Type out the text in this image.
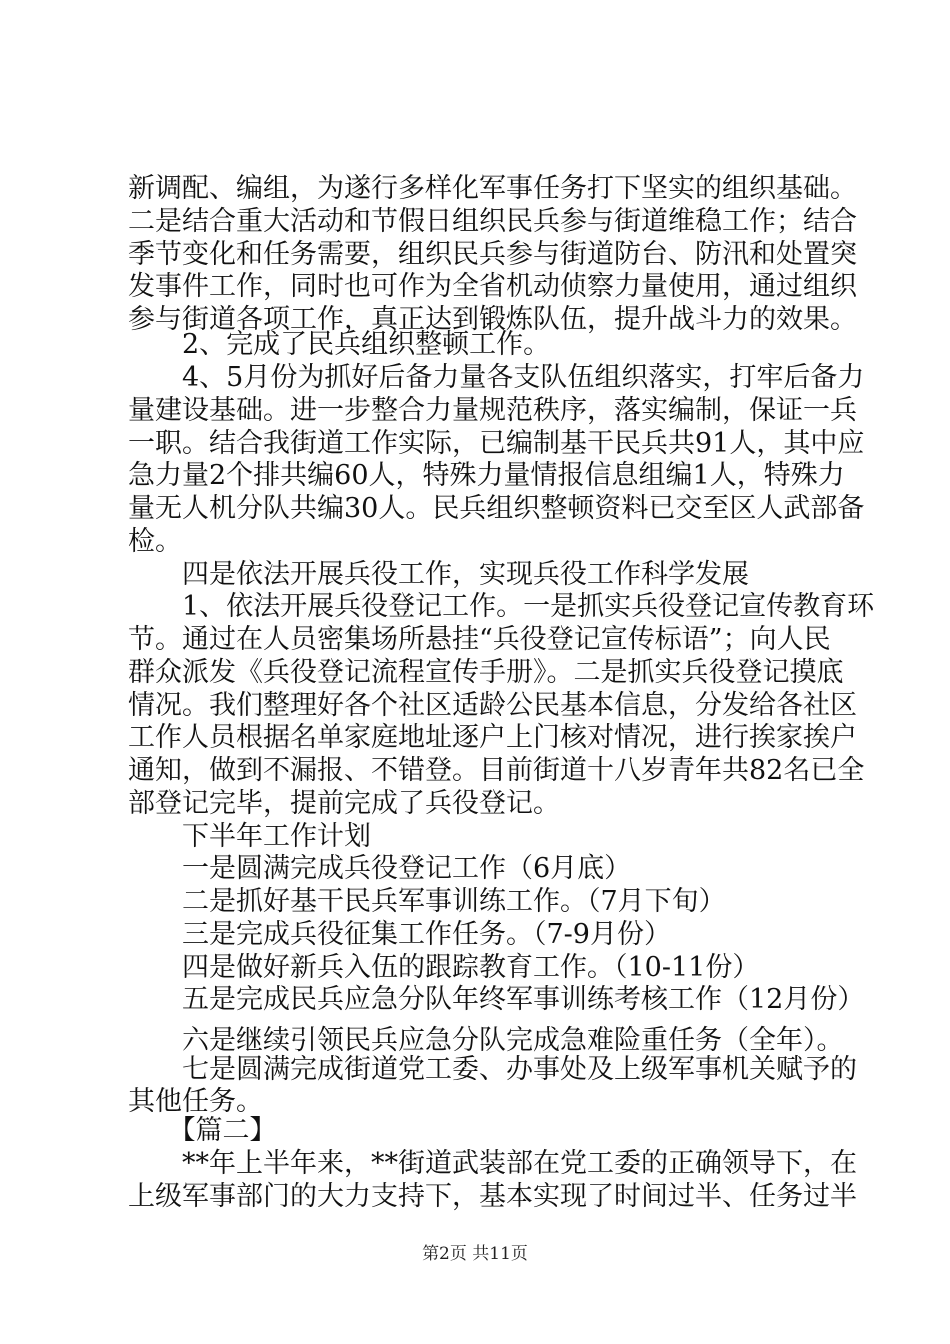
新调配、编组，为遂行多样化军事任务打下坚实的组织基础。
二是结合重大活动和节假日组织民兵参与街道维稳工作；结合
季节变化和任务需要，组织民兵参与街道防台、防汛和处置突
发事件工作，同时也可作为全省机动侦察力量使用，通过组织
参与街道各项工作，真正达到锻炼队伍，提升战斗力的效果。
　　2、完成了民兵组织整顿工作。
　　4、5月份为抓好后备力量各支队伍组织落实，打牢后备力
量建设基础。进一步整合力量规范秩序，落实编制，保证一兵
一职。结合我街道工作实际，已编制基干民兵共91人，其中应
急力量2个排共编60人，特殊力量情报信息组编1人，特殊力
量无人机分队共编30人。民兵组织整顿资料已交至区人武部备
检。
　　四是依法开展兵役工作，实现兵役工作科学发展
　　1、依法开展兵役登记工作。一是抓实兵役登记宣传教育环
节。通过在人员密集场所悬挂“兵役登记宣传标语”；向人民
群众派发《兵役登记流程宣传手册》。二是抓实兵役登记摸底
情况。我们整理好各个社区适龄公民基本信息，分发给各社区
工作人员根据名单家庭地址逐户上门核对情况，进行挨家挨户
通知，做到不漏报、不错登。目前街道十八岁青年共82名已全
部登记完毕，提前完成了兵役登记。
　　下半年工作计划
　　一是圆满完成兵役登记工作（6月底）
　　二是抓好基干民兵军事训练工作。（7月下旬）
　　三是完成兵役征集工作任务。（7-9月份）
　　四是做好新兵入伍的跟踪教育工作。（10-11份）
　　五是完成民兵应急分队年终军事训练考核工作（12月份）
　　六是继续引领民兵应急分队完成急难险重任务（全年）。
　　七是圆满完成街道党工委、办事处及上级军事机关赋予的
其他任务。
　　【篇二】
　　**年上半年来，**街道武装部在党工委的正确领导下，在
上级军事部门的大力支持下，基本实现了时间过半、任务过半
第2页 共11页
